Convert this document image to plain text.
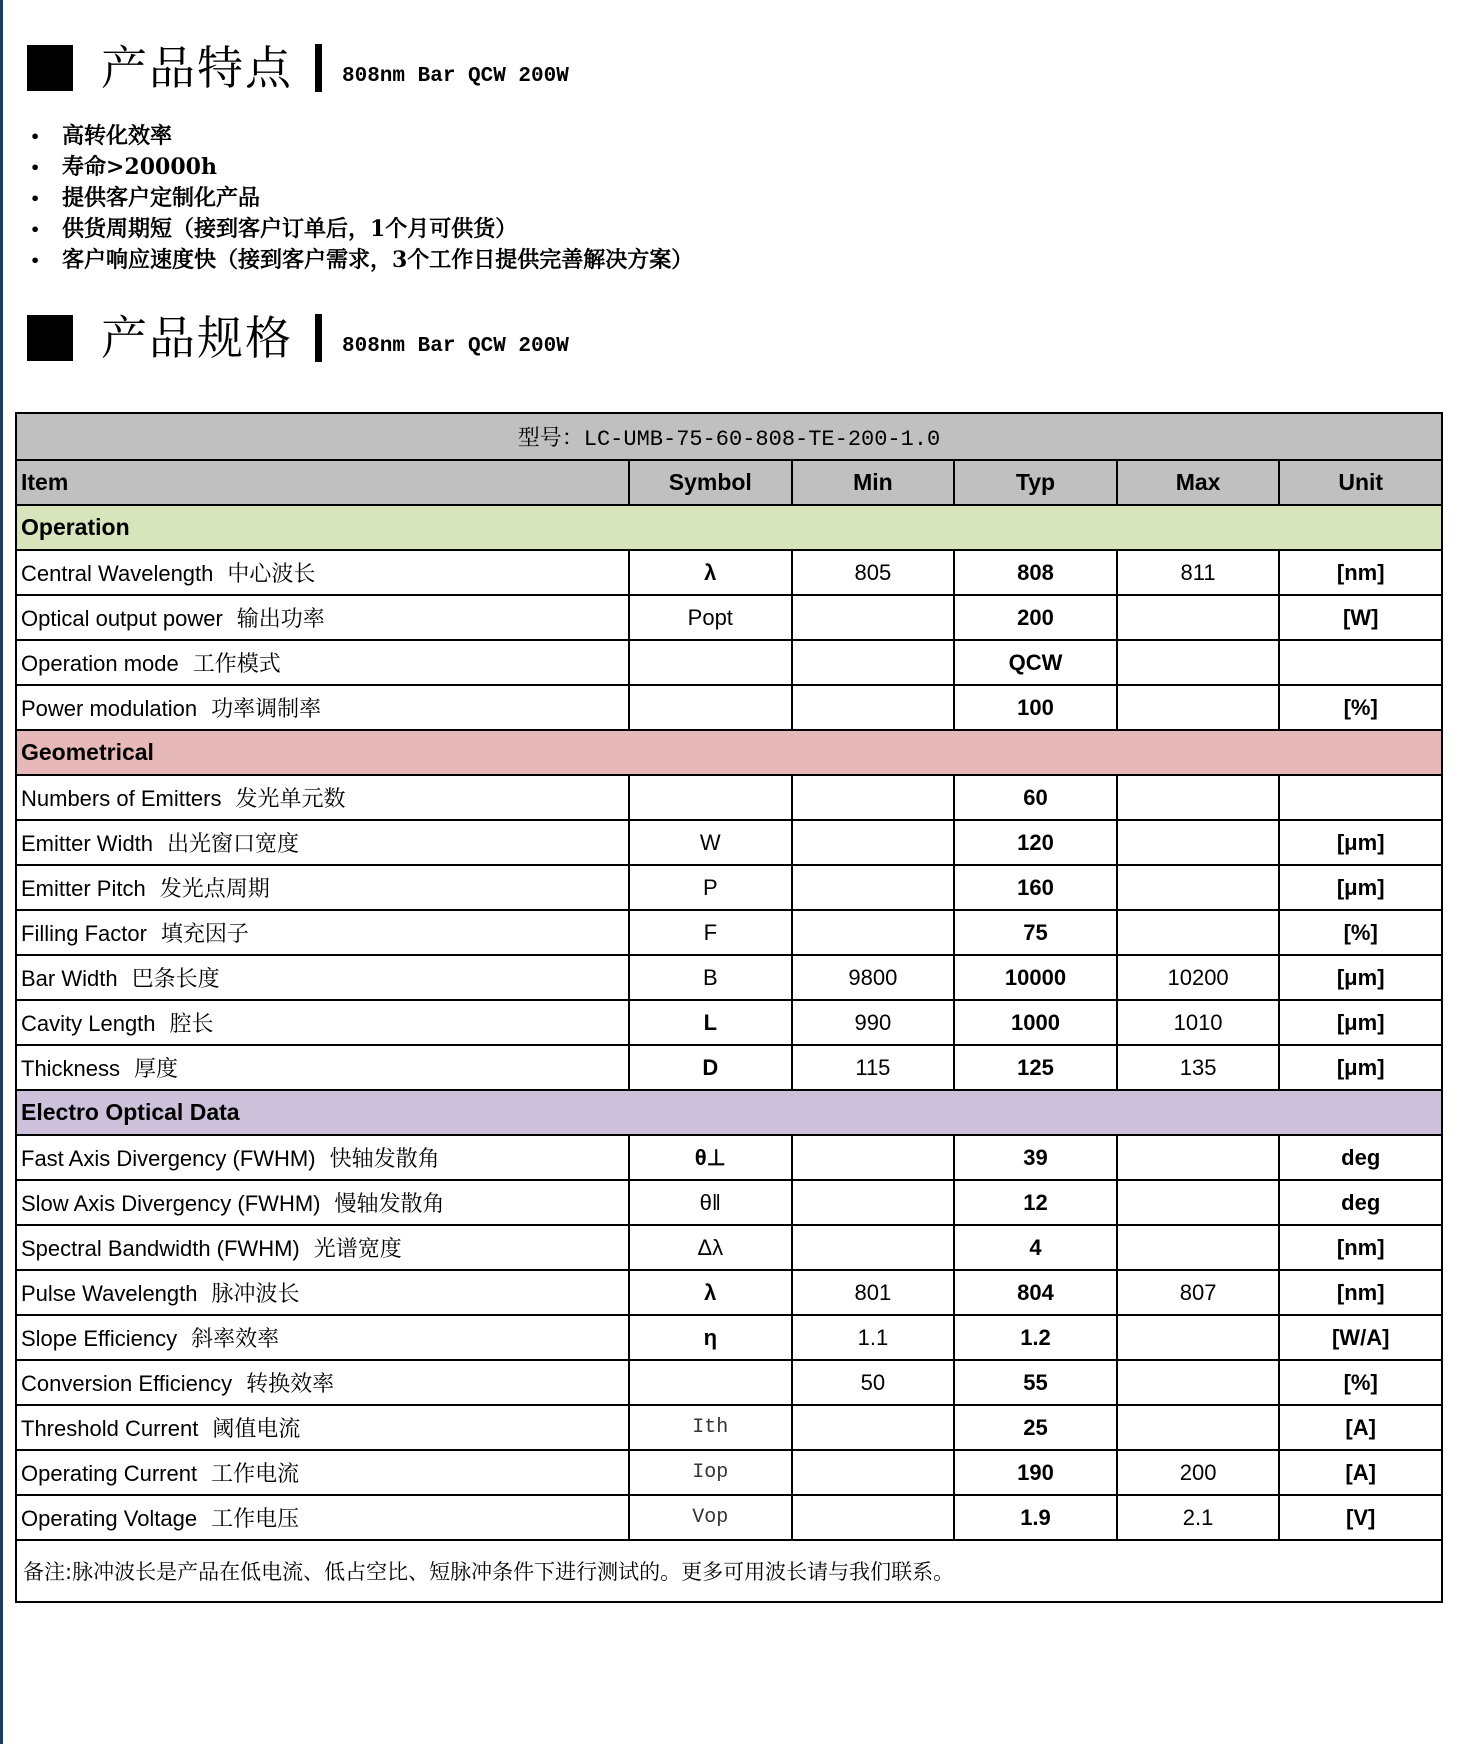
产品特点 808nm Bar QCW 200W
• 高转化效率
• 寿命>20000h
• 提供客户定制化产品
• 供货周期短（接到客户订单后，1个月可供货）
• 客户响应速度快（接到客户需求，3个工作日提供完善解决方案）
产品规格 808nm Bar QCW 200W
型号：LC-UMB-75-60-808-TE-200-1.0					
Item	Symbol	Min	Typ	Max	Unit
Operation					
Central Wavelength 中心波长	λ	805	808	811	[nm]
Optical output power 输出功率	Popt		200		[W]
Operation mode 工作模式			QCW		
Power modulation 功率调制率			100		[%]
Geometrical					
Numbers of Emitters 发光单元数			60		
Emitter Width 出光窗口宽度	W		120		[μm]
Emitter Pitch 发光点周期	P		160		[μm]
Filling Factor 填充因子	F		75		[%]
Bar Width 巴条长度	B	9800	10000	10200	[μm]
Cavity Length 腔长	L	990	1000	1010	[μm]
Thickness 厚度	D	115	125	135	[μm]
Electro Optical Data					
Fast Axis Divergency (FWHM) 快轴发散角	θ⊥		39		deg
Slow Axis Divergency (FWHM) 慢轴发散角	θ‖		12		deg
Spectral Bandwidth (FWHM) 光谱宽度	Δλ		4		[nm]
Pulse Wavelength 脉冲波长	λ	801	804	807	[nm]
Slope Efficiency 斜率效率	η	1.1	1.2		[W/A]
Conversion Efficiency 转换效率		50	55		[%]
Threshold Current 阈值电流	Ith		25		[A]
Operating Current 工作电流	Iop		190	200	[A]
Operating Voltage 工作电压	Vop		1.9	2.1	[V]
备注:脉冲波长是产品在低电流、低占空比、短脉冲条件下进行测试的。更多可用波长请与我们联系。					
